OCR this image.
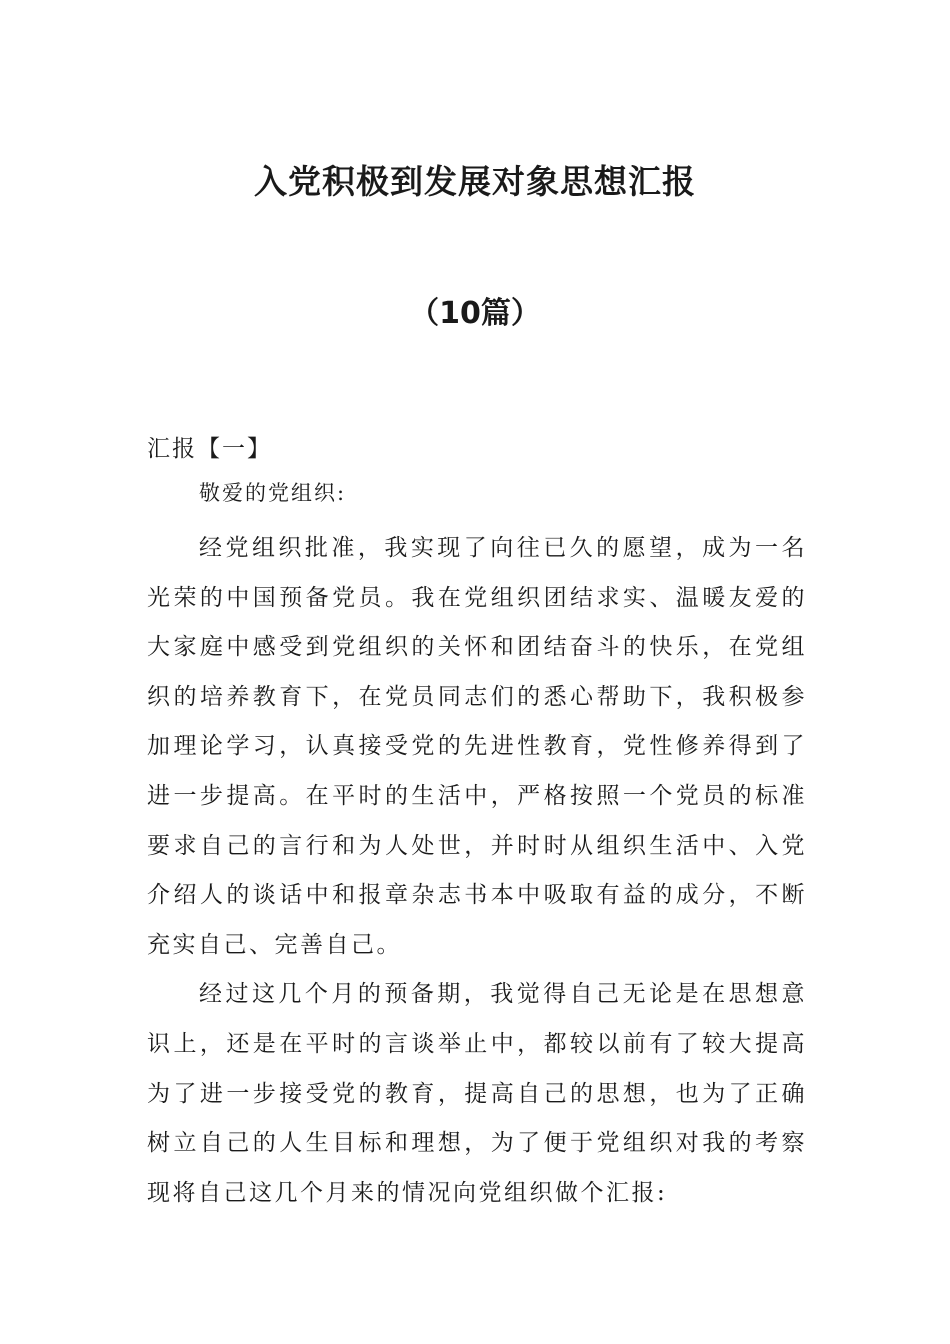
入党积极到发展对象思想汇报
（10篇）

汇报【一】

敬爱的党组织:

经党组织批准，我实现了向往已久的愿望，成为一名光荣的中国预备党员。我在党组织团结求实、温暖友爱的大家庭中感受到党组织的关怀和团结奋斗的快乐，在党组织的培养教育下，在党员同志们的悉心帮助下，我积极参加理论学习，认真接受党的先进性教育，党性修养得到了进一步提高。在平时的生活中，严格按照一个党员的标准要求自己的言行和为人处世，并时时从组织生活中、入党介绍人的谈话中和报章杂志书本中吸取有益的成分，不断充实自己、完善自己。

经过这几个月的预备期，我觉得自己无论是在思想意识上，还是在平时的言谈举止中，都较以前有了较大提高为了进一步接受党的教育，提高自己的思想，也为了正确树立自己的人生目标和理想，为了便于党组织对我的考察现将自己这几个月来的情况向党组织做个汇报:
